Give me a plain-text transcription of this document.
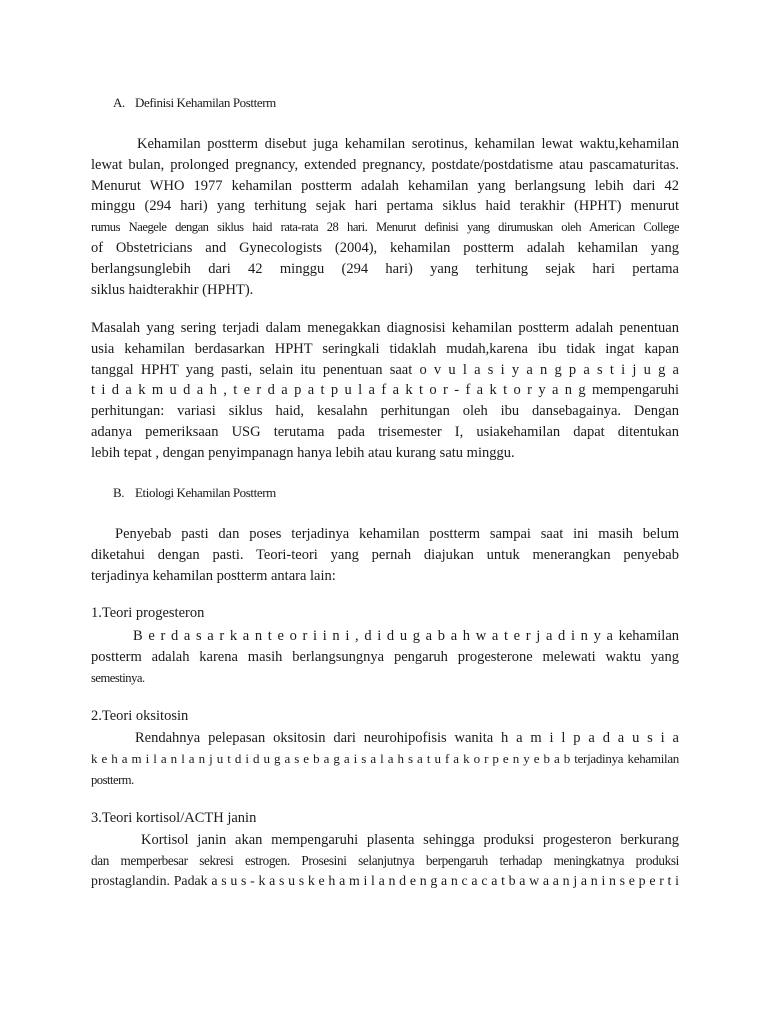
A. Definisi Kehamilan Postterm
Kehamilan postterm disebut juga kehamilan serotinus, kehamilan lewat waktu,kehamilan
lewat bulan, prolonged pregnancy, extended pregnancy, postdate/postdatisme atau pascamaturitas.
Menurut WHO 1977 kehamilan postterm adalah kehamilan yang berlangsung lebih dari 42
minggu (294 hari) yang terhitung sejak hari pertama siklus haid terakhir (HPHT) menurut
rumus Naegele dengan siklus haid rata-rata 28 hari. Menurut definisi yang dirumuskan oleh American College
of Obstetricians and Gynecologists (2004), kehamilan postterm adalah kehamilan yang
berlangsunglebih dari 42 minggu (294 hari) yang terhitung sejak hari pertama
siklus haidterakhir (HPHT).
Masalah yang sering terjadi dalam menegakkan diagnosisi kehamilan postterm adalah penentuan
usia kehamilan berdasarkan HPHT seringkali tidaklah mudah,karena ibu tidak ingat kapan
tanggal HPHT yang pasti, selain itu penentuan saat o v u l a s i y a n g p a s t i j u g a
t i d a k m u d a h , t e r d a p a t p u l a f a k t o r - f a k t o r y a n g mempengaruhi
perhitungan: variasi siklus haid, kesalahn perhitungan oleh ibu dansebagainya. Dengan
adanya pemeriksaan USG terutama pada trisemester I, usiakehamilan dapat ditentukan
lebih tepat , dengan penyimpanagn hanya lebih atau kurang satu minggu.
B. Etiologi Kehamilan Postterm
Penyebab pasti dan poses terjadinya kehamilan postterm sampai saat ini masih belum
diketahui dengan pasti. Teori-teori yang pernah diajukan untuk menerangkan penyebab
terjadinya kehamilan postterm antara lain:
1.Teori progesteron
B e r d a s a r k a n t e o r i i n i , d i d u g a b a h w a t e r j a d i n y a kehamilan
postterm adalah karena masih berlangsungnya pengaruh progesterone melewati waktu yang
semestinya.
2.Teori oksitosin
Rendahnya pelepasan oksitosin dari neurohipofisis wanita h a m i l p a d a u s i a
k e h a m i l a n l a n j u t d i d u g a s e b a g a i s a l a h s a t u f a k o r p e n y e b a b terjadinya kehamilan
postterm.
3.Teori kortisol/ACTH janin
Kortisol janin akan mempengaruhi plasenta sehingga produksi progesteron berkurang
dan memperbesar sekresi estrogen. Prosesini selanjutnya berpengaruh terhadap meningkatnya produksi
prostaglandin. Padak a s u s - k a s u s k e h a m i l a n d e n g a n c a c a t b a w a a n j a n i n s e p e r t i
